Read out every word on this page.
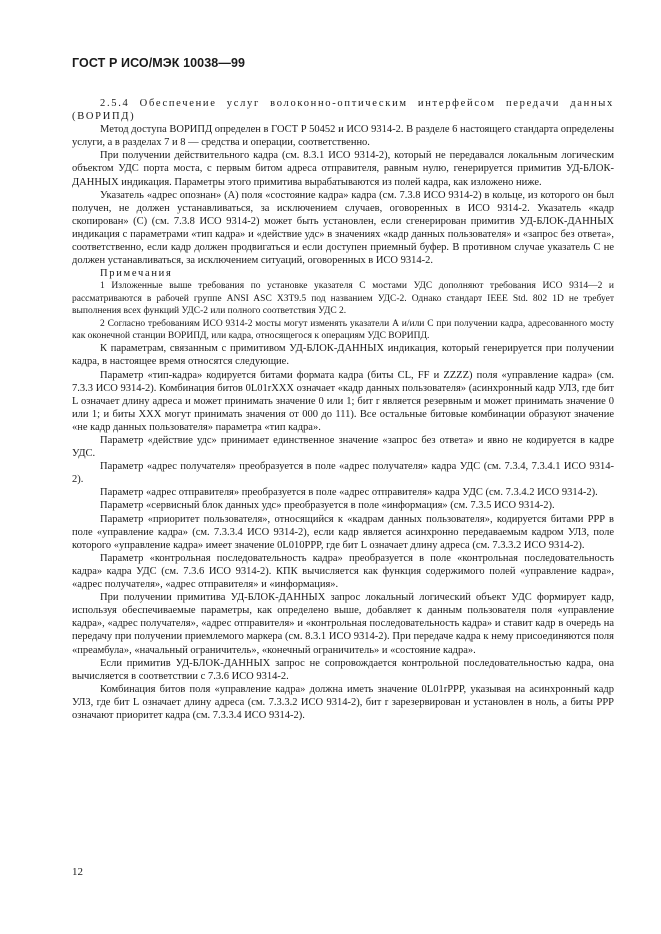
ГОСТ Р ИСО/МЭК 10038—99

2.5.4 Обеспечение услуг волоконно-оптическим интерфейсом передачи данных (ВОРИПД)

Метод доступа ВОРИПД определен в ГОСТ Р 50452 и ИСО 9314-2. В разделе 6 настоящего стандарта определены услуги, а в разделах 7 и 8 — средства и операции, соответственно.

При получении действительного кадра (см. 8.3.1 ИСО 9314-2), который не передавался локальным логическим объектом УДС порта моста, с первым битом адреса отправителя, равным нулю, генерируется примитив УД-БЛОК-ДАННЫХ индикация. Параметры этого примитива вырабатываются из полей кадра, как изложено ниже.

Указатель «адрес опознан» (А) поля «состояние кадра» кадра (см. 7.3.8 ИСО 9314-2) в кольце, из которого он был получен, не должен устанавливаться, за исключением случаев, оговоренных в ИСО 9314-2. Указатель «кадр скопирован» (С) (см. 7.3.8 ИСО 9314-2) может быть установлен, если сгенерирован примитив УД-БЛОК-ДАННЫХ индикация с параметрами «тип кадра» и «действие удс» в значениях «кадр данных пользователя» и «запрос без ответа», соответственно, если кадр должен продвигаться и если доступен приемный буфер. В противном случае указатель С не должен устанавливаться, за исключением ситуаций, оговоренных в ИСО 9314-2.

Примечания

1 Изложенные выше требования по установке указателя С мостами УДС дополняют требования ИСО 9314—2 и рассматриваются в рабочей группе ANSI ASC X3T9.5 под названием УДС-2. Однако стандарт IEEE Std. 802 1D не требует выполнения всех функций УДС-2 или полного соответствия УДС 2.

2 Согласно требованиям ИСО 9314-2 мосты могут изменять указатели А и/или С при получении кадра, адресованного мосту как оконечной станции ВОРИПД, или кадра, относящегося к операциям УДС ВОРИПД.

К параметрам, связанным с примитивом УД-БЛОК-ДАННЫХ индикация, который генерируется при получении кадра, в настоящее время относятся следующие.

Параметр «тип-кадра» кодируется битами формата кадра (биты CL, FF и ZZZZ) поля «управление кадра» (см. 7.3.3 ИСО 9314-2). Комбинация битов 0L01rXXX означает «кадр данных пользователя» (асинхронный кадр УЛЗ, где бит L означает длину адреса и может принимать значение 0 или 1; бит r является резервным и может принимать значение 0 или 1; и биты XXX могут принимать значения от 000 до 111). Все остальные битовые комбинации образуют значение «не кадр данных пользователя» параметра «тип кадра».

Параметр «действие удс» принимает единственное значение «запрос без ответа» и явно не кодируется в кадре УДС.

Параметр «адрес получателя» преобразуется в поле «адрес получателя» кадра УДС (см. 7.3.4, 7.3.4.1 ИСО 9314-2).

Параметр «адрес отправителя» преобразуется в поле «адрес отправителя» кадра УДС (см. 7.3.4.2 ИСО 9314-2).

Параметр «сервисный блок данных удс» преобразуется в поле «информация» (см. 7.3.5 ИСО 9314-2).

Параметр «приоритет пользователя», относящийся к «кадрам данных пользователя», кодируется битами PPP в поле «управление кадра» (см. 7.3.3.4 ИСО 9314-2), если кадр является асинхронно передаваемым кадром УЛЗ, поле которого «управление кадра» имеет значение 0L010PPP, где бит L означает длину адреса (см. 7.3.3.2 ИСО 9314-2).

Параметр «контрольная последовательность кадра» преобразуется в поле «контрольная последовательность кадра» кадра УДС (см. 7.3.6 ИСО 9314-2). КПК вычисляется как функция содержимого полей «управление кадра», «адрес получателя», «адрес отправителя» и «информация».

При получении примитива УД-БЛОК-ДАННЫХ запрос локальный логический объект УДС формирует кадр, используя обеспечиваемые параметры, как определено выше, добавляет к данным пользователя поля «управление кадра», «адрес получателя», «адрес отправителя» и «контрольная последовательность кадра» и ставит кадр в очередь на передачу при получении приемлемого маркера (см. 8.3.1 ИСО 9314-2). При передаче кадра к нему присоединяются поля «преамбула», «начальный ограничитель», «конечный ограничитель» и «состояние кадра».

Если примитив УД-БЛОК-ДАННЫХ запрос не сопровождается контрольной последовательностью кадра, она вычисляется в соответствии с 7.3.6 ИСО 9314-2.

Комбинация битов поля «управление кадра» должна иметь значение 0L01rPPP, указывая на асинхронный кадр УЛЗ, где бит L означает длину адреса (см. 7.3.3.2 ИСО 9314-2), бит r зарезервирован и установлен в ноль, а биты PPP означают приоритет кадра (см. 7.3.3.4 ИСО 9314-2).

12
